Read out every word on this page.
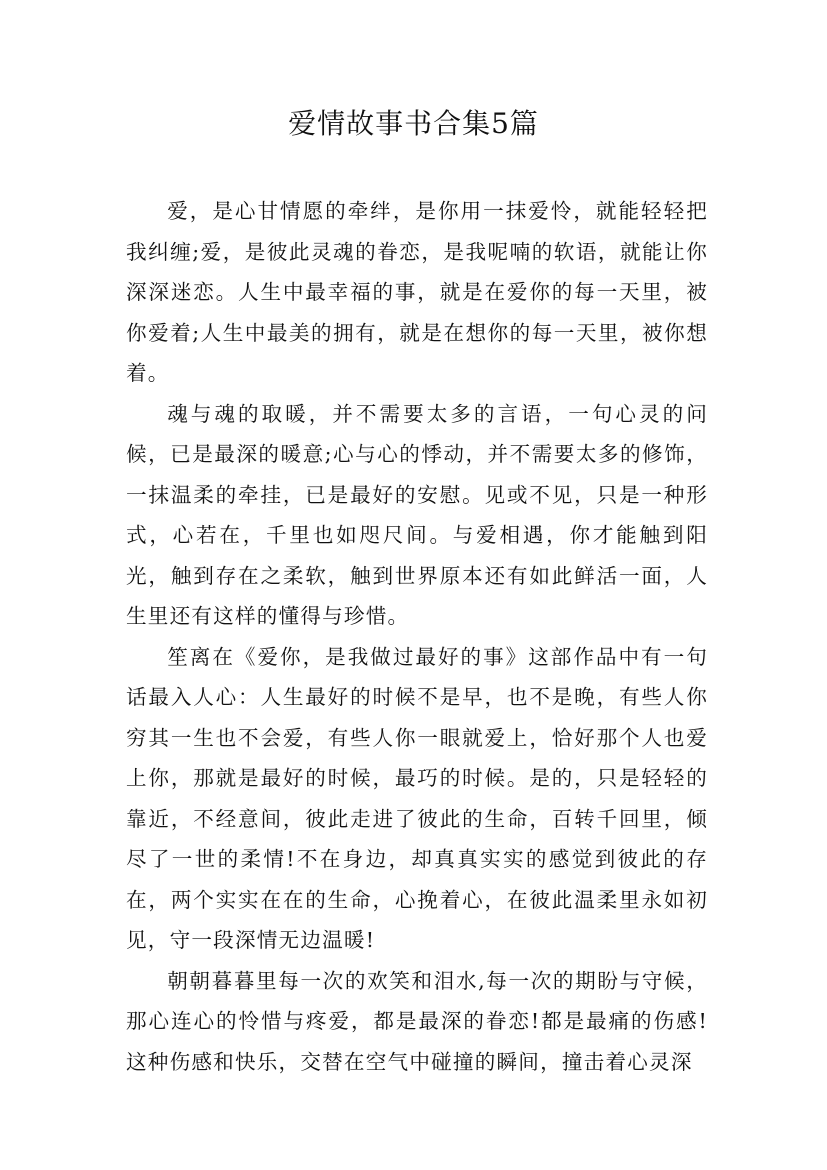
爱情故事书合集5篇

爱，是心甘情愿的牵绊，是你用一抹爱怜，就能轻轻把我纠缠;爱，是彼此灵魂的眷恋，是我呢喃的软语，就能让你深深迷恋。人生中最幸福的事，就是在爱你的每一天里，被你爱着;人生中最美的拥有，就是在想你的每一天里，被你想着。

魂与魂的取暖，并不需要太多的言语，一句心灵的问候，已是最深的暖意;心与心的悸动，并不需要太多的修饰，一抹温柔的牵挂，已是最好的安慰。见或不见，只是一种形式，心若在，千里也如咫尺间。与爱相遇，你才能触到阳光，触到存在之柔软，触到世界原本还有如此鲜活一面，人生里还有这样的懂得与珍惜。

笙离在《爱你，是我做过最好的事》这部作品中有一句话最入人心：人生最好的时候不是早，也不是晚，有些人你穷其一生也不会爱，有些人你一眼就爱上，恰好那个人也爱上你，那就是最好的时候，最巧的时候。是的，只是轻轻的靠近，不经意间，彼此走进了彼此的生命，百转千回里，倾尽了一世的柔情!不在身边，却真真实实的感觉到彼此的存在，两个实实在在的生命，心挽着心，在彼此温柔里永如初见，守一段深情无边温暖!

朝朝暮暮里每一次的欢笑和泪水,每一次的期盼与守候，那心连心的怜惜与疼爱，都是最深的眷恋!都是最痛的伤感!这种伤感和快乐，交替在空气中碰撞的瞬间，撞击着心灵深
